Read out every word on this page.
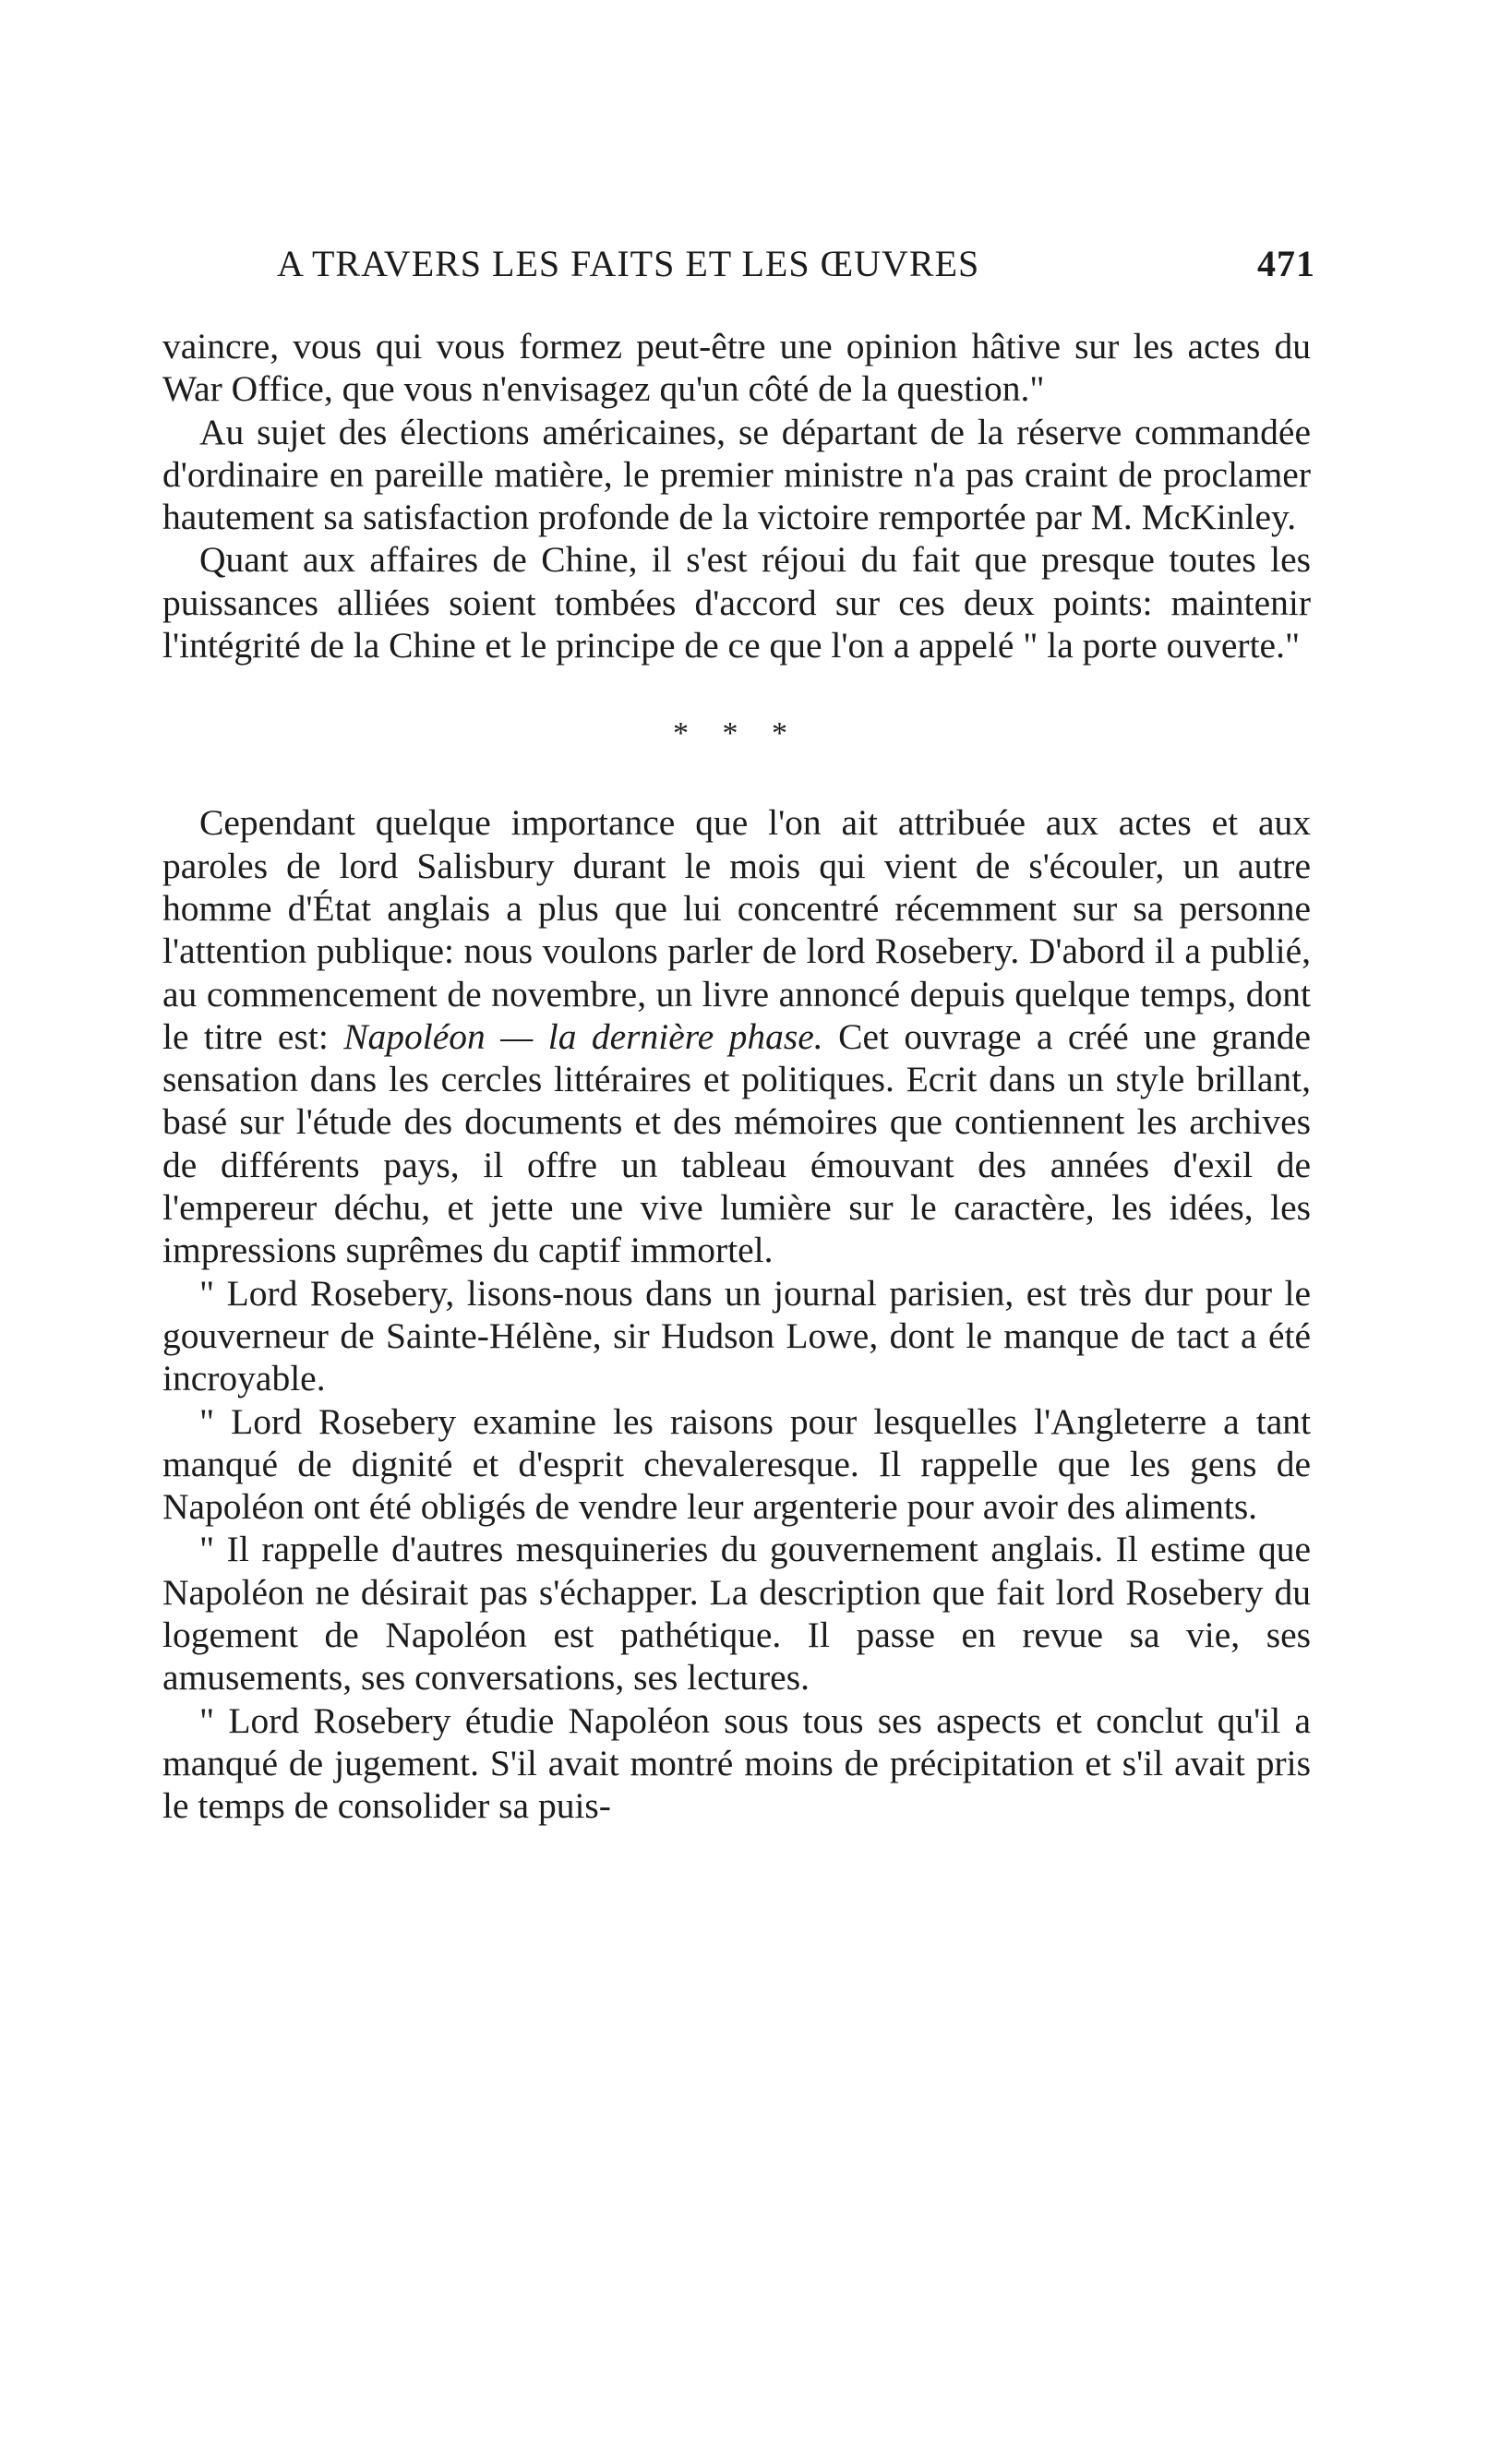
A TRAVERS LES FAITS ET LES ŒUVRES	471

vaincre, vous qui vous formez peut-être une opinion hâtive sur les actes du War Office, que vous n'envisagez qu'un côté de la question."

Au sujet des élections américaines, se départant de la réserve commandée d'ordinaire en pareille matière, le premier ministre n'a pas craint de proclamer hautement sa satisfaction profonde de la victoire remportée par M. McKinley.

Quant aux affaires de Chine, il s'est réjoui du fait que presque toutes les puissances alliées soient tombées d'accord sur ces deux points: maintenir l'intégrité de la Chine et le principe de ce que l'on a appelé " la porte ouverte."

* * *

Cependant quelque importance que l'on ait attribuée aux actes et aux paroles de lord Salisbury durant le mois qui vient de s'écouler, un autre homme d'État anglais a plus que lui concentré récemment sur sa personne l'attention publique: nous voulons parler de lord Rosebery. D'abord il a publié, au commencement de novembre, un livre annoncé depuis quelque temps, dont le titre est: Napoléon — la dernière phase. Cet ouvrage a créé une grande sensation dans les cercles littéraires et politiques. Ecrit dans un style brillant, basé sur l'étude des documents et des mémoires que contiennent les archives de différents pays, il offre un tableau émouvant des années d'exil de l'empereur déchu, et jette une vive lumière sur le caractère, les idées, les impressions suprêmes du captif immortel.

" Lord Rosebery, lisons-nous dans un journal parisien, est très dur pour le gouverneur de Sainte-Hélène, sir Hudson Lowe, dont le manque de tact a été incroyable.

" Lord Rosebery examine les raisons pour lesquelles l'Angleterre a tant manqué de dignité et d'esprit chevaleresque. Il rappelle que les gens de Napoléon ont été obligés de vendre leur argenterie pour avoir des aliments.

" Il rappelle d'autres mesquineries du gouvernement anglais. Il estime que Napoléon ne désirait pas s'échapper. La description que fait lord Rosebery du logement de Napoléon est pathétique. Il passe en revue sa vie, ses amusements, ses conversations, ses lectures.

" Lord Rosebery étudie Napoléon sous tous ses aspects et conclut qu'il a manqué de jugement. S'il avait montré moins de précipitation et s'il avait pris le temps de consolider sa puis-
